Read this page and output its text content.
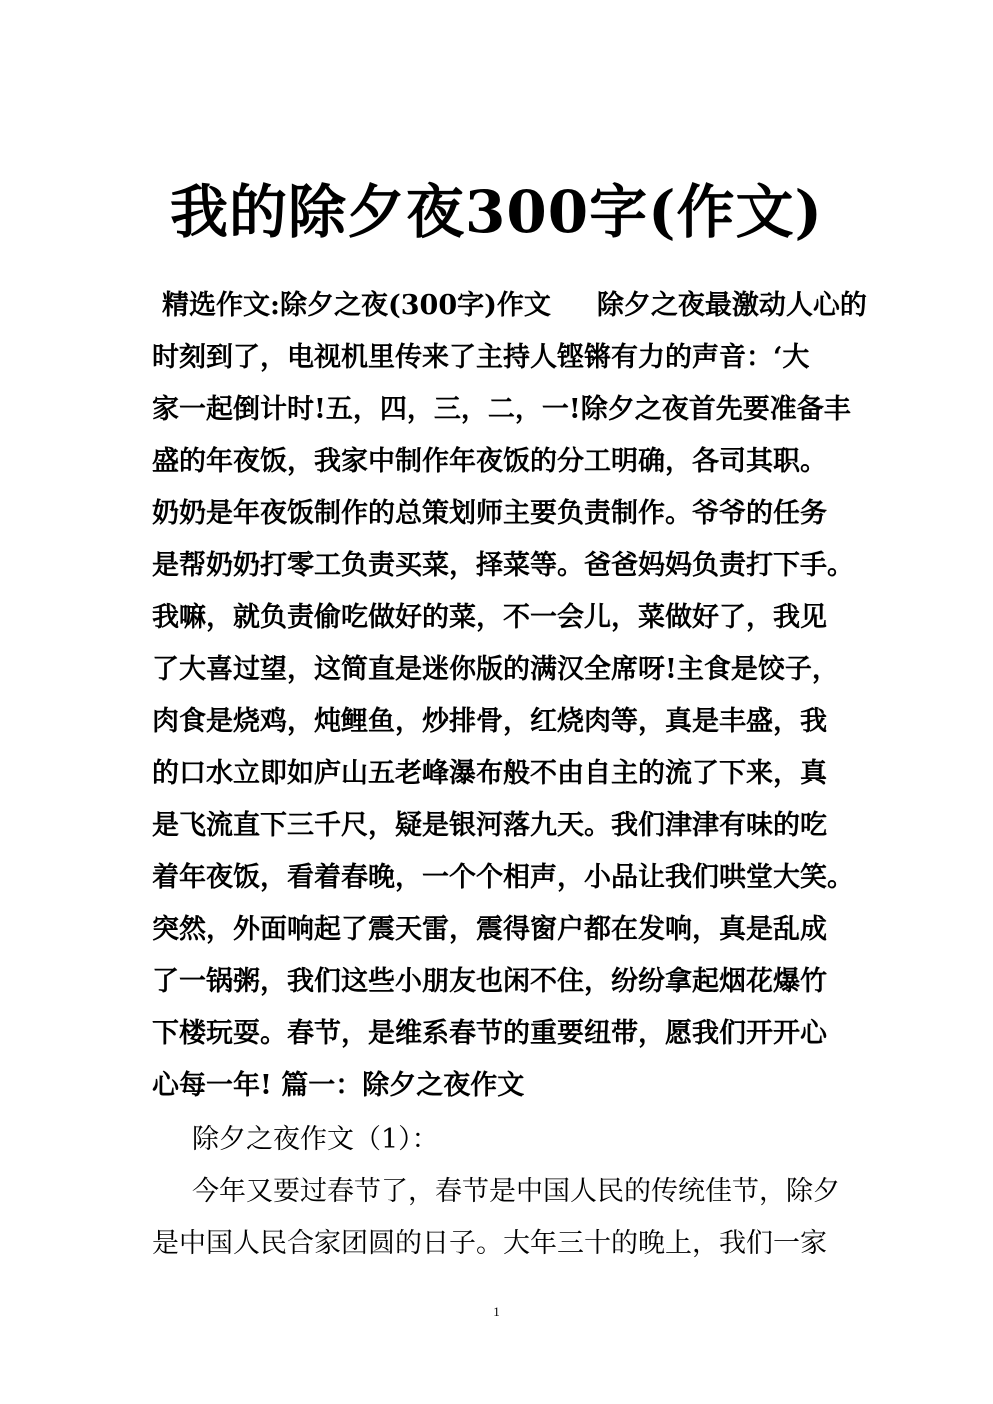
我的除夕夜300字(作文)
精选作文:除夕之夜(300字)作文 除夕之夜最激动人心的
时刻到了，电视机里传来了主持人铿锵有力的声音：‘大
家一起倒计时!五，四，三，二，一!除夕之夜首先要准备丰
盛的年夜饭，我家中制作年夜饭的分工明确，各司其职。
奶奶是年夜饭制作的总策划师主要负责制作。爷爷的任务
是帮奶奶打零工负责买菜，择菜等。爸爸妈妈负责打下手。
我嘛，就负责偷吃做好的菜，不一会儿，菜做好了，我见
了大喜过望，这简直是迷你版的满汉全席呀!主食是饺子，
肉食是烧鸡，炖鲤鱼，炒排骨，红烧肉等，真是丰盛，我
的口水立即如庐山五老峰瀑布般不由自主的流了下来，真
是飞流直下三千尺，疑是银河落九天。我们津津有味的吃
着年夜饭，看着春晚，一个个相声，小品让我们哄堂大笑。
突然，外面响起了震天雷，震得窗户都在发响，真是乱成
了一锅粥，我们这些小朋友也闲不住，纷纷拿起烟花爆竹
下楼玩耍。春节，是维系春节的重要纽带，愿我们开开心
心每一年! 篇一：除夕之夜作文
除夕之夜作文（1）：
今年又要过春节了，春节是中国人民的传统佳节，除夕
是中国人民合家团圆的日子。大年三十的晚上，我们一家
1
